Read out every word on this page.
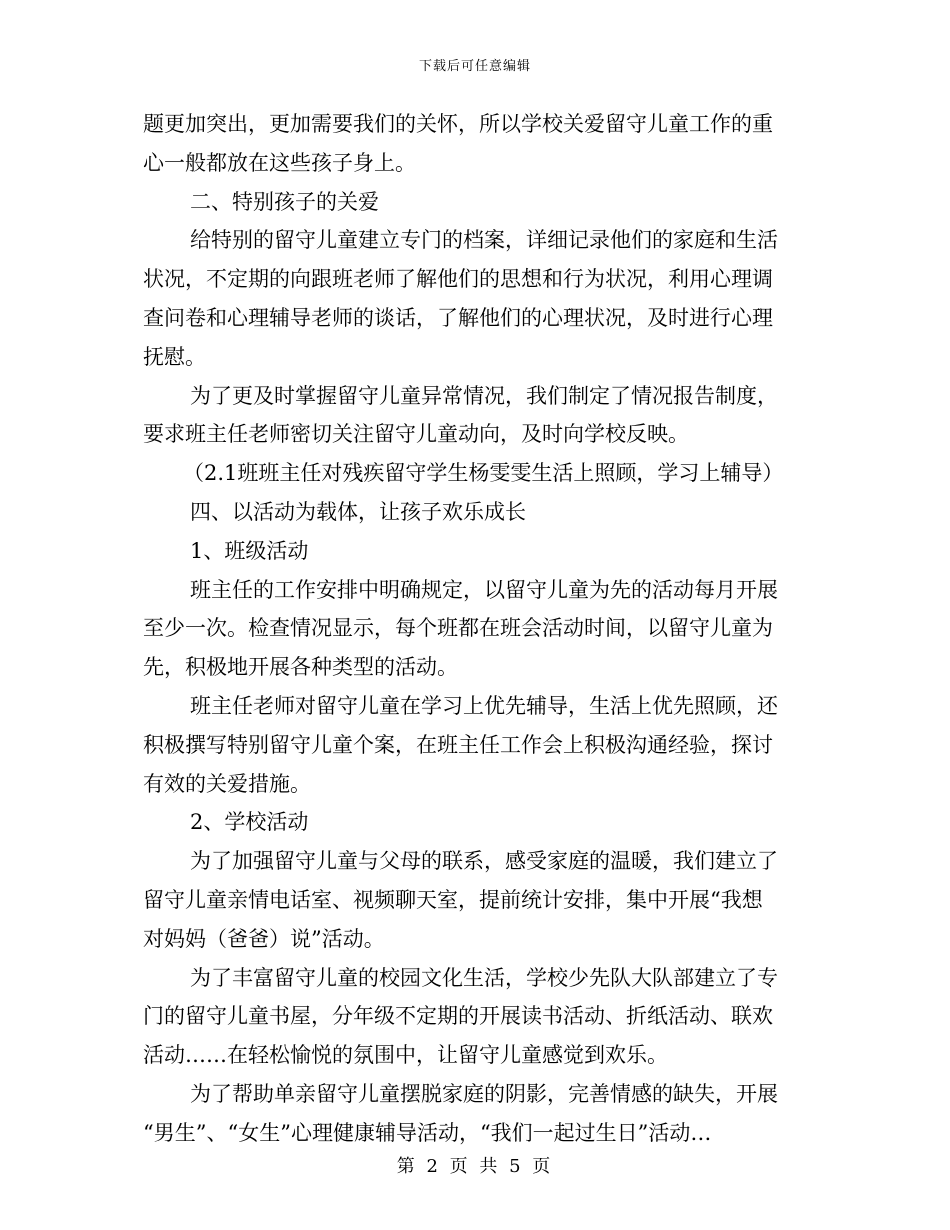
下载后可任意编辑
题更加突出，更加需要我们的关怀，所以学校关爱留守儿童工作的重
心一般都放在这些孩子身上。
二、特别孩子的关爱
给特别的留守儿童建立专门的档案，详细记录他们的家庭和生活
状况，不定期的向跟班老师了解他们的思想和行为状况，利用心理调
查问卷和心理辅导老师的谈话，了解他们的心理状况，及时进行心理
抚慰。
为了更及时掌握留守儿童异常情况，我们制定了情况报告制度，
要求班主任老师密切关注留守儿童动向，及时向学校反映。
（2.1班班主任对残疾留守学生杨雯雯生活上照顾，学习上辅导）
四、以活动为载体，让孩子欢乐成长
1、班级活动
班主任的工作安排中明确规定，以留守儿童为先的活动每月开展
至少一次。检查情况显示，每个班都在班会活动时间，以留守儿童为
先，积极地开展各种类型的活动。
班主任老师对留守儿童在学习上优先辅导，生活上优先照顾，还
积极撰写特别留守儿童个案，在班主任工作会上积极沟通经验，探讨
有效的关爱措施。
2、学校活动
为了加强留守儿童与父母的联系，感受家庭的温暖，我们建立了
留守儿童亲情电话室、视频聊天室，提前统计安排，集中开展“我想
对妈妈（爸爸）说”活动。
为了丰富留守儿童的校园文化生活，学校少先队大队部建立了专
门的留守儿童书屋，分年级不定期的开展读书活动、折纸活动、联欢
活动……在轻松愉悦的氛围中，让留守儿童感觉到欢乐。
为了帮助单亲留守儿童摆脱家庭的阴影，完善情感的缺失，开展
“男生”、“女生”心理健康辅导活动，“我们一起过生日”活动…
第 2 页 共 5 页
